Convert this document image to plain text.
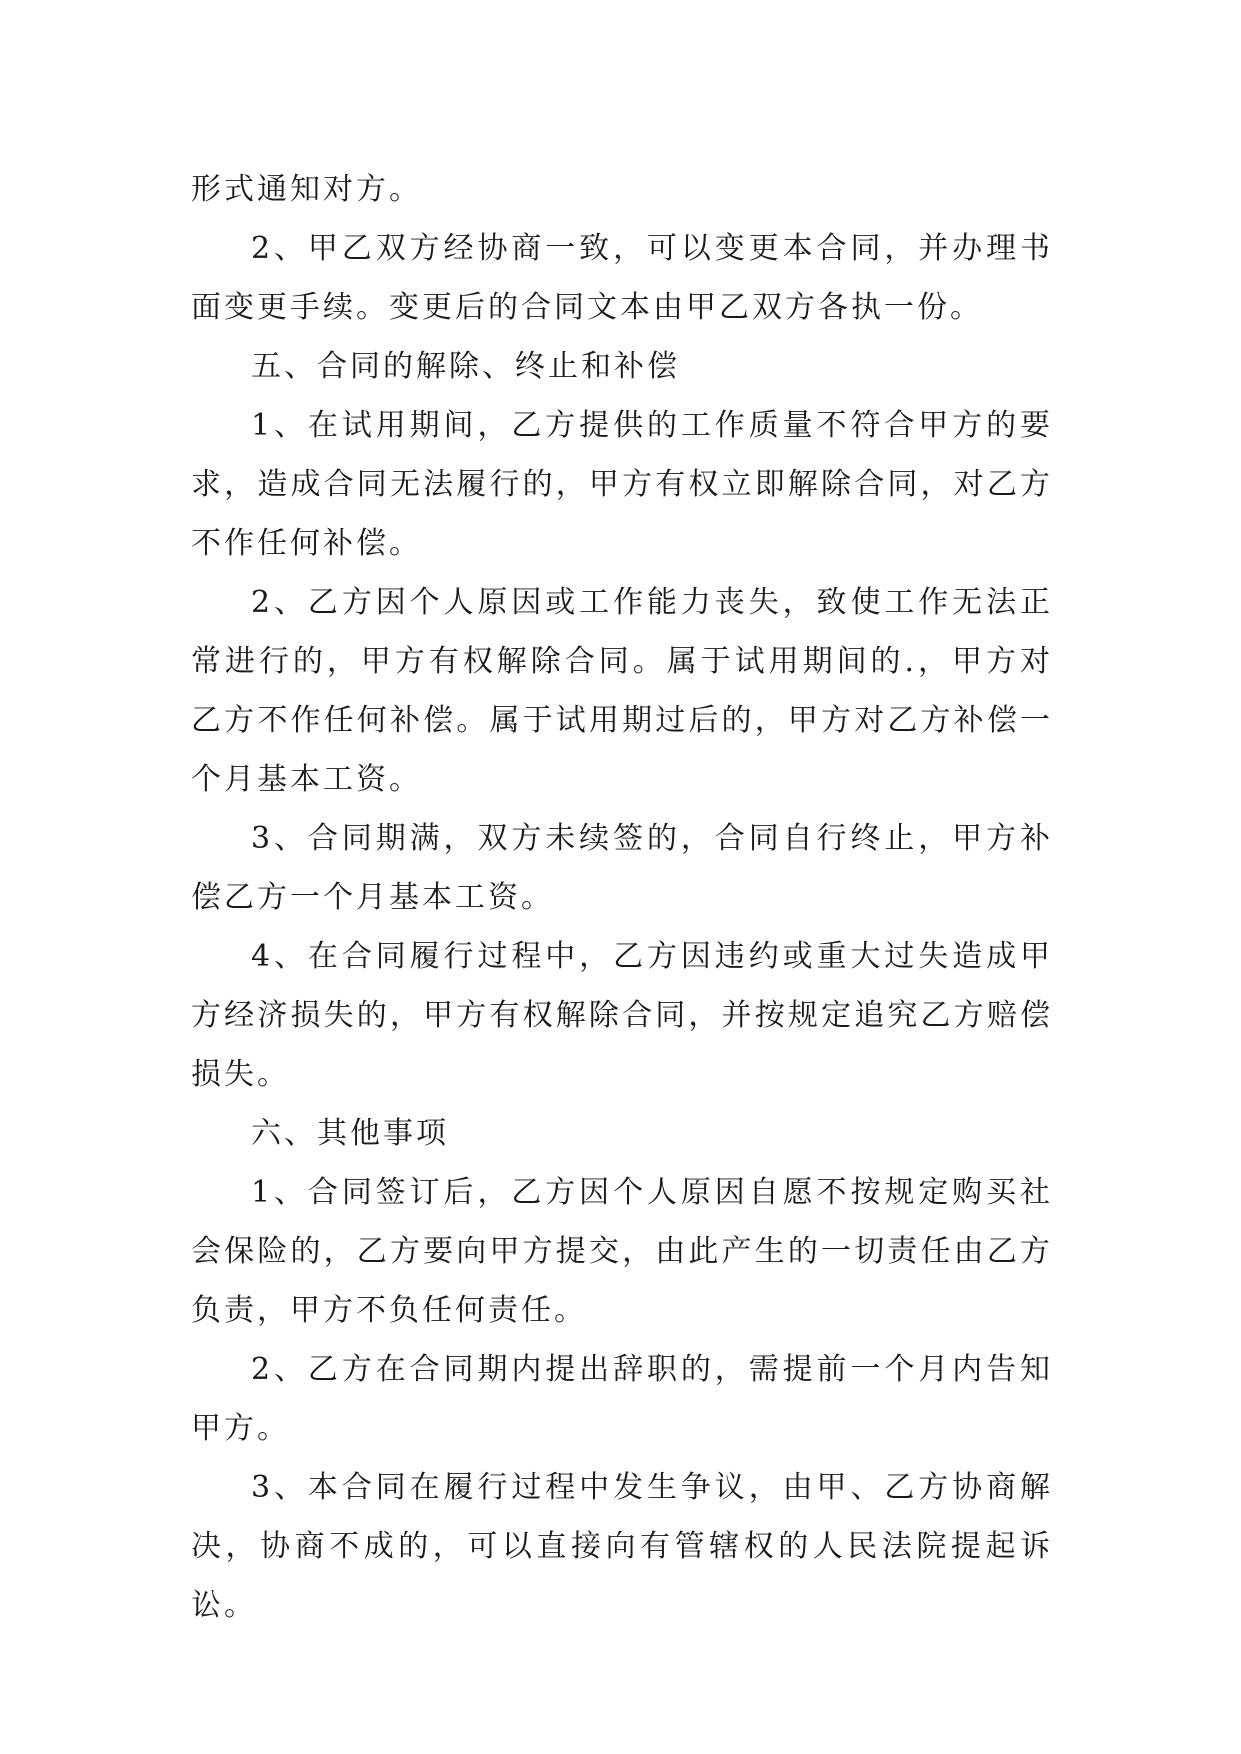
形式通知对方。

2、甲乙双方经协商一致，可以变更本合同，并办理书面变更手续。变更后的合同文本由甲乙双方各执一份。

五、合同的解除、终止和补偿

1、在试用期间，乙方提供的工作质量不符合甲方的要求，造成合同无法履行的，甲方有权立即解除合同，对乙方不作任何补偿。

2、乙方因个人原因或工作能力丧失，致使工作无法正常进行的，甲方有权解除合同。属于试用期间的.，甲方对乙方不作任何补偿。属于试用期过后的，甲方对乙方补偿一个月基本工资。

3、合同期满，双方未续签的，合同自行终止，甲方补偿乙方一个月基本工资。

4、在合同履行过程中，乙方因违约或重大过失造成甲方经济损失的，甲方有权解除合同，并按规定追究乙方赔偿损失。

六、其他事项

1、合同签订后，乙方因个人原因自愿不按规定购买社会保险的，乙方要向甲方提交，由此产生的一切责任由乙方负责，甲方不负任何责任。

2、乙方在合同期内提出辞职的，需提前一个月内告知甲方。

3、本合同在履行过程中发生争议，由甲、乙方协商解决，协商不成的，可以直接向有管辖权的人民法院提起诉讼。
